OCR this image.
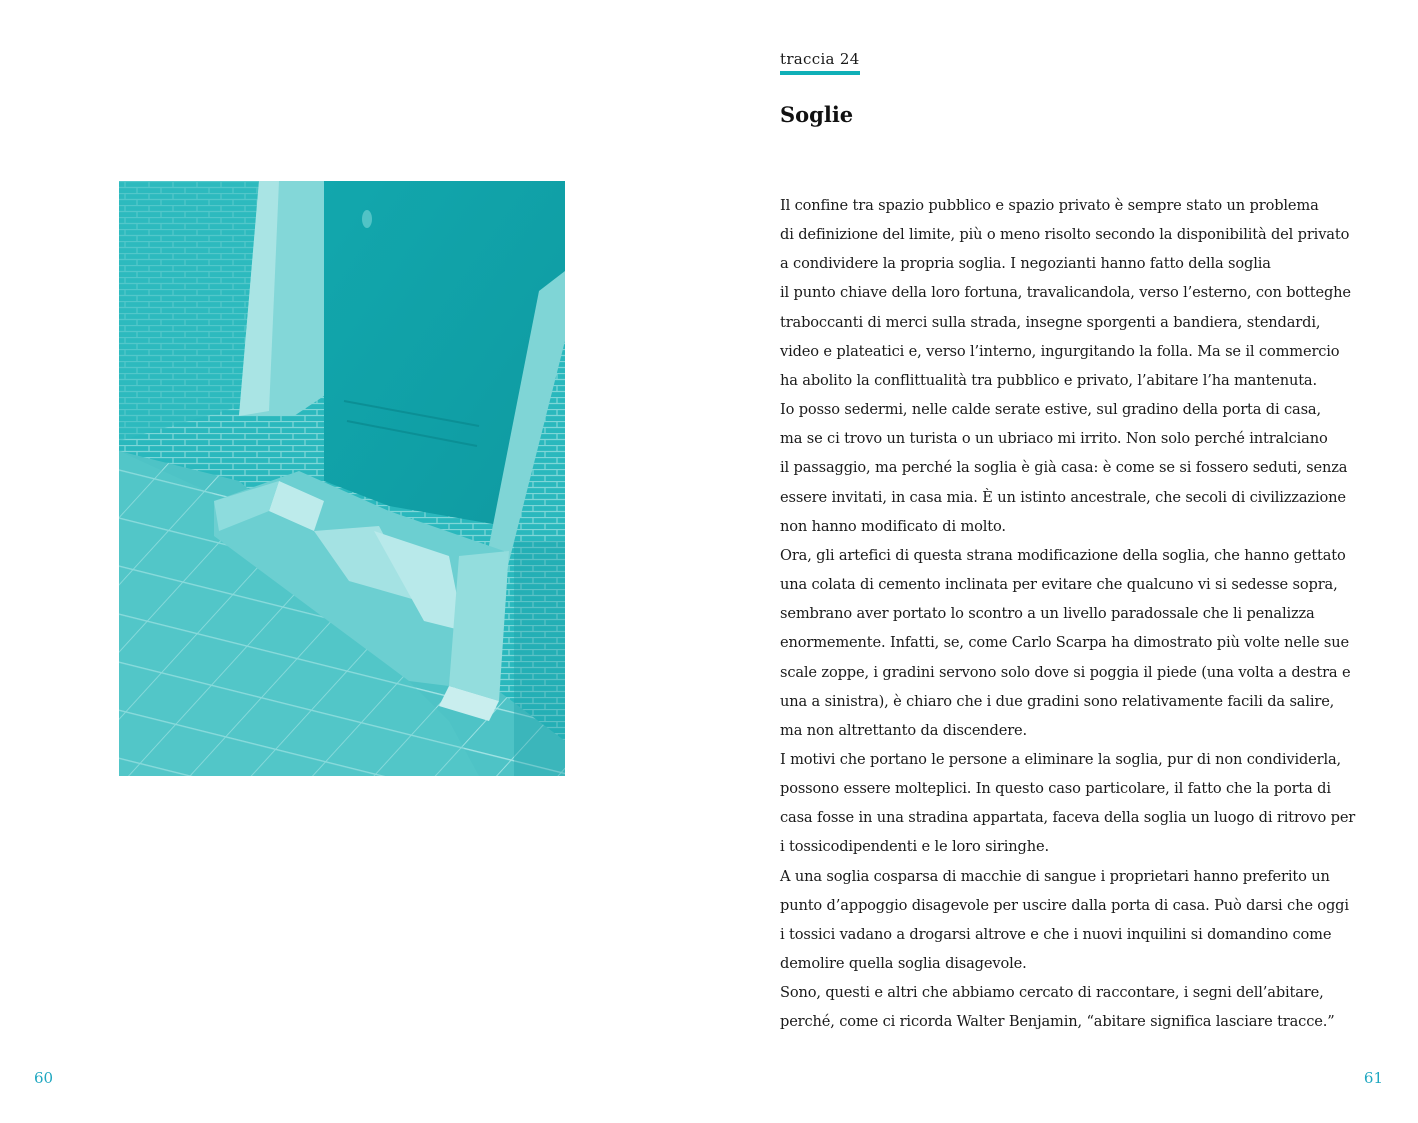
60
traccia 24
Soglie
Il confine tra spazio pubblico e spazio privato è sempre stato un problema
di definizione del limite, più o meno risolto secondo la disponibilità del privato
a condividere la propria soglia. I negozianti hanno fatto della soglia
il punto chiave della loro fortuna, travalicandola, verso l’esterno, con botteghe
traboccanti di merci sulla strada, insegne sporgenti a bandiera, stendardi,
video e plateatici e, verso l’interno, ingurgitando la folla. Ma se il commercio
ha abolito la conflittualità tra pubblico e privato, l’abitare l’ha mantenuta.
Io posso sedermi, nelle calde serate estive, sul gradino della porta di casa,
ma se ci trovo un turista o un ubriaco mi irrito. Non solo perché intralciano
il passaggio, ma perché la soglia è già casa: è come se si fossero seduti, senza
essere invitati, in casa mia. È un istinto ancestrale, che secoli di civilizzazione
non hanno modificato di molto.
Ora, gli artefici di questa strana modificazione della soglia, che hanno gettato
una colata di cemento inclinata per evitare che qualcuno vi si sedesse sopra,
sembrano aver portato lo scontro a un livello paradossale che li penalizza
enormemente. Infatti, se, come Carlo Scarpa ha dimostrato più volte nelle sue
scale zoppe, i gradini servono solo dove si poggia il piede (una volta a destra e
una a sinistra), è chiaro che i due gradini sono relativamente facili da salire,
ma non altrettanto da discendere.
I motivi che portano le persone a eliminare la soglia, pur di non condividerla,
possono essere molteplici. In questo caso particolare, il fatto che la porta di
casa fosse in una stradina appartata, faceva della soglia un luogo di ritrovo per
i tossicodipendenti e le loro siringhe.
A una soglia cosparsa di macchie di sangue i proprietari hanno preferito un
punto d’appoggio disagevole per uscire dalla porta di casa. Può darsi che oggi
i tossici vadano a drogarsi altrove e che i nuovi inquilini si domandino come
demolire quella soglia disagevole.
Sono, questi e altri che abbiamo cercato di raccontare, i segni dell’abitare,
perché, come ci ricorda Walter Benjamin, “abitare significa lasciare tracce.”
61
